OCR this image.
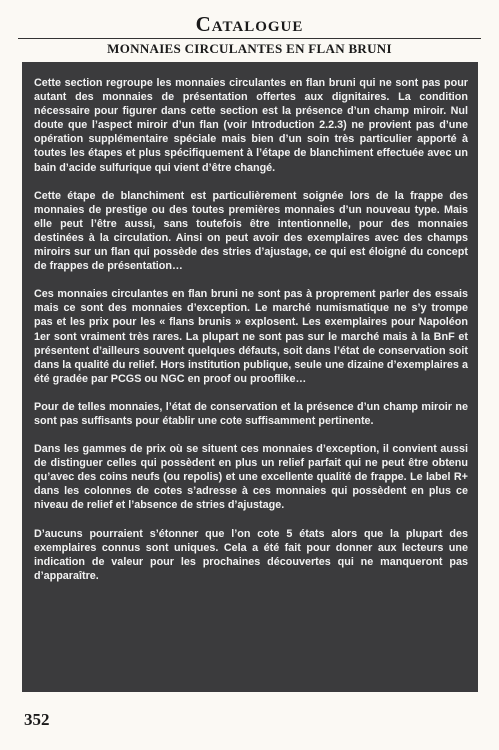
Catalogue
MONNAIES CIRCULANTES EN FLAN BRUNI

Cette section regroupe les monnaies circulantes en flan bruni qui ne sont pas pour autant des monnaies de présentation offertes aux dignitaires. La condition nécessaire pour figurer dans cette section est la présence d’un champ miroir. Nul doute que l’aspect miroir d’un flan (voir Introduction 2.2.3) ne provient pas d’une opération supplémentaire spéciale mais bien d’un soin très particulier apporté à toutes les étapes et plus spécifiquement à l’étape de blanchiment effectuée avec un bain d’acide sulfurique qui vient d’être changé.

Cette étape de blanchiment est particulièrement soignée lors de la frappe des monnaies de prestige ou des toutes premières monnaies d’un nouveau type. Mais elle peut l’être aussi, sans toutefois être intentionnelle, pour des monnaies destinées à la circulation. Ainsi on peut avoir des exemplaires avec des champs miroirs sur un flan qui possède des stries d’ajustage, ce qui est éloigné du concept de frappes de présentation…

Ces monnaies circulantes en flan bruni ne sont pas à proprement parler des essais mais ce sont des monnaies d’exception. Le marché numismatique ne s’y trompe pas et les prix pour les « flans brunis » explosent. Les exemplaires pour Napoléon 1er sont vraiment très rares. La plupart ne sont pas sur le marché mais à la BnF et présentent d’ailleurs souvent quelques défauts, soit dans l’état de conservation soit dans la qualité du relief. Hors institution publique, seule une dizaine d’exemplaires a été gradée par PCGS ou NGC en proof ou prooflike…

Pour de telles monnaies, l’état de conservation et la présence d’un champ miroir ne sont pas suffisants pour établir une cote suffisamment pertinente.

Dans les gammes de prix où se situent ces monnaies d’exception, il convient aussi de distinguer celles qui possèdent en plus un relief parfait qui ne peut être obtenu qu’avec des coins neufs (ou repolis) et une excellente qualité de frappe. Le label R+ dans les colonnes de cotes s’adresse à ces monnaies qui possèdent en plus ce niveau de relief et l’absence de stries d’ajustage.

D’aucuns pourraient s’étonner que l’on cote 5 états alors que la plupart des exemplaires connus sont uniques. Cela a été fait pour donner aux lecteurs une indication de valeur pour les prochaines découvertes qui ne manqueront pas d’apparaître.

352
